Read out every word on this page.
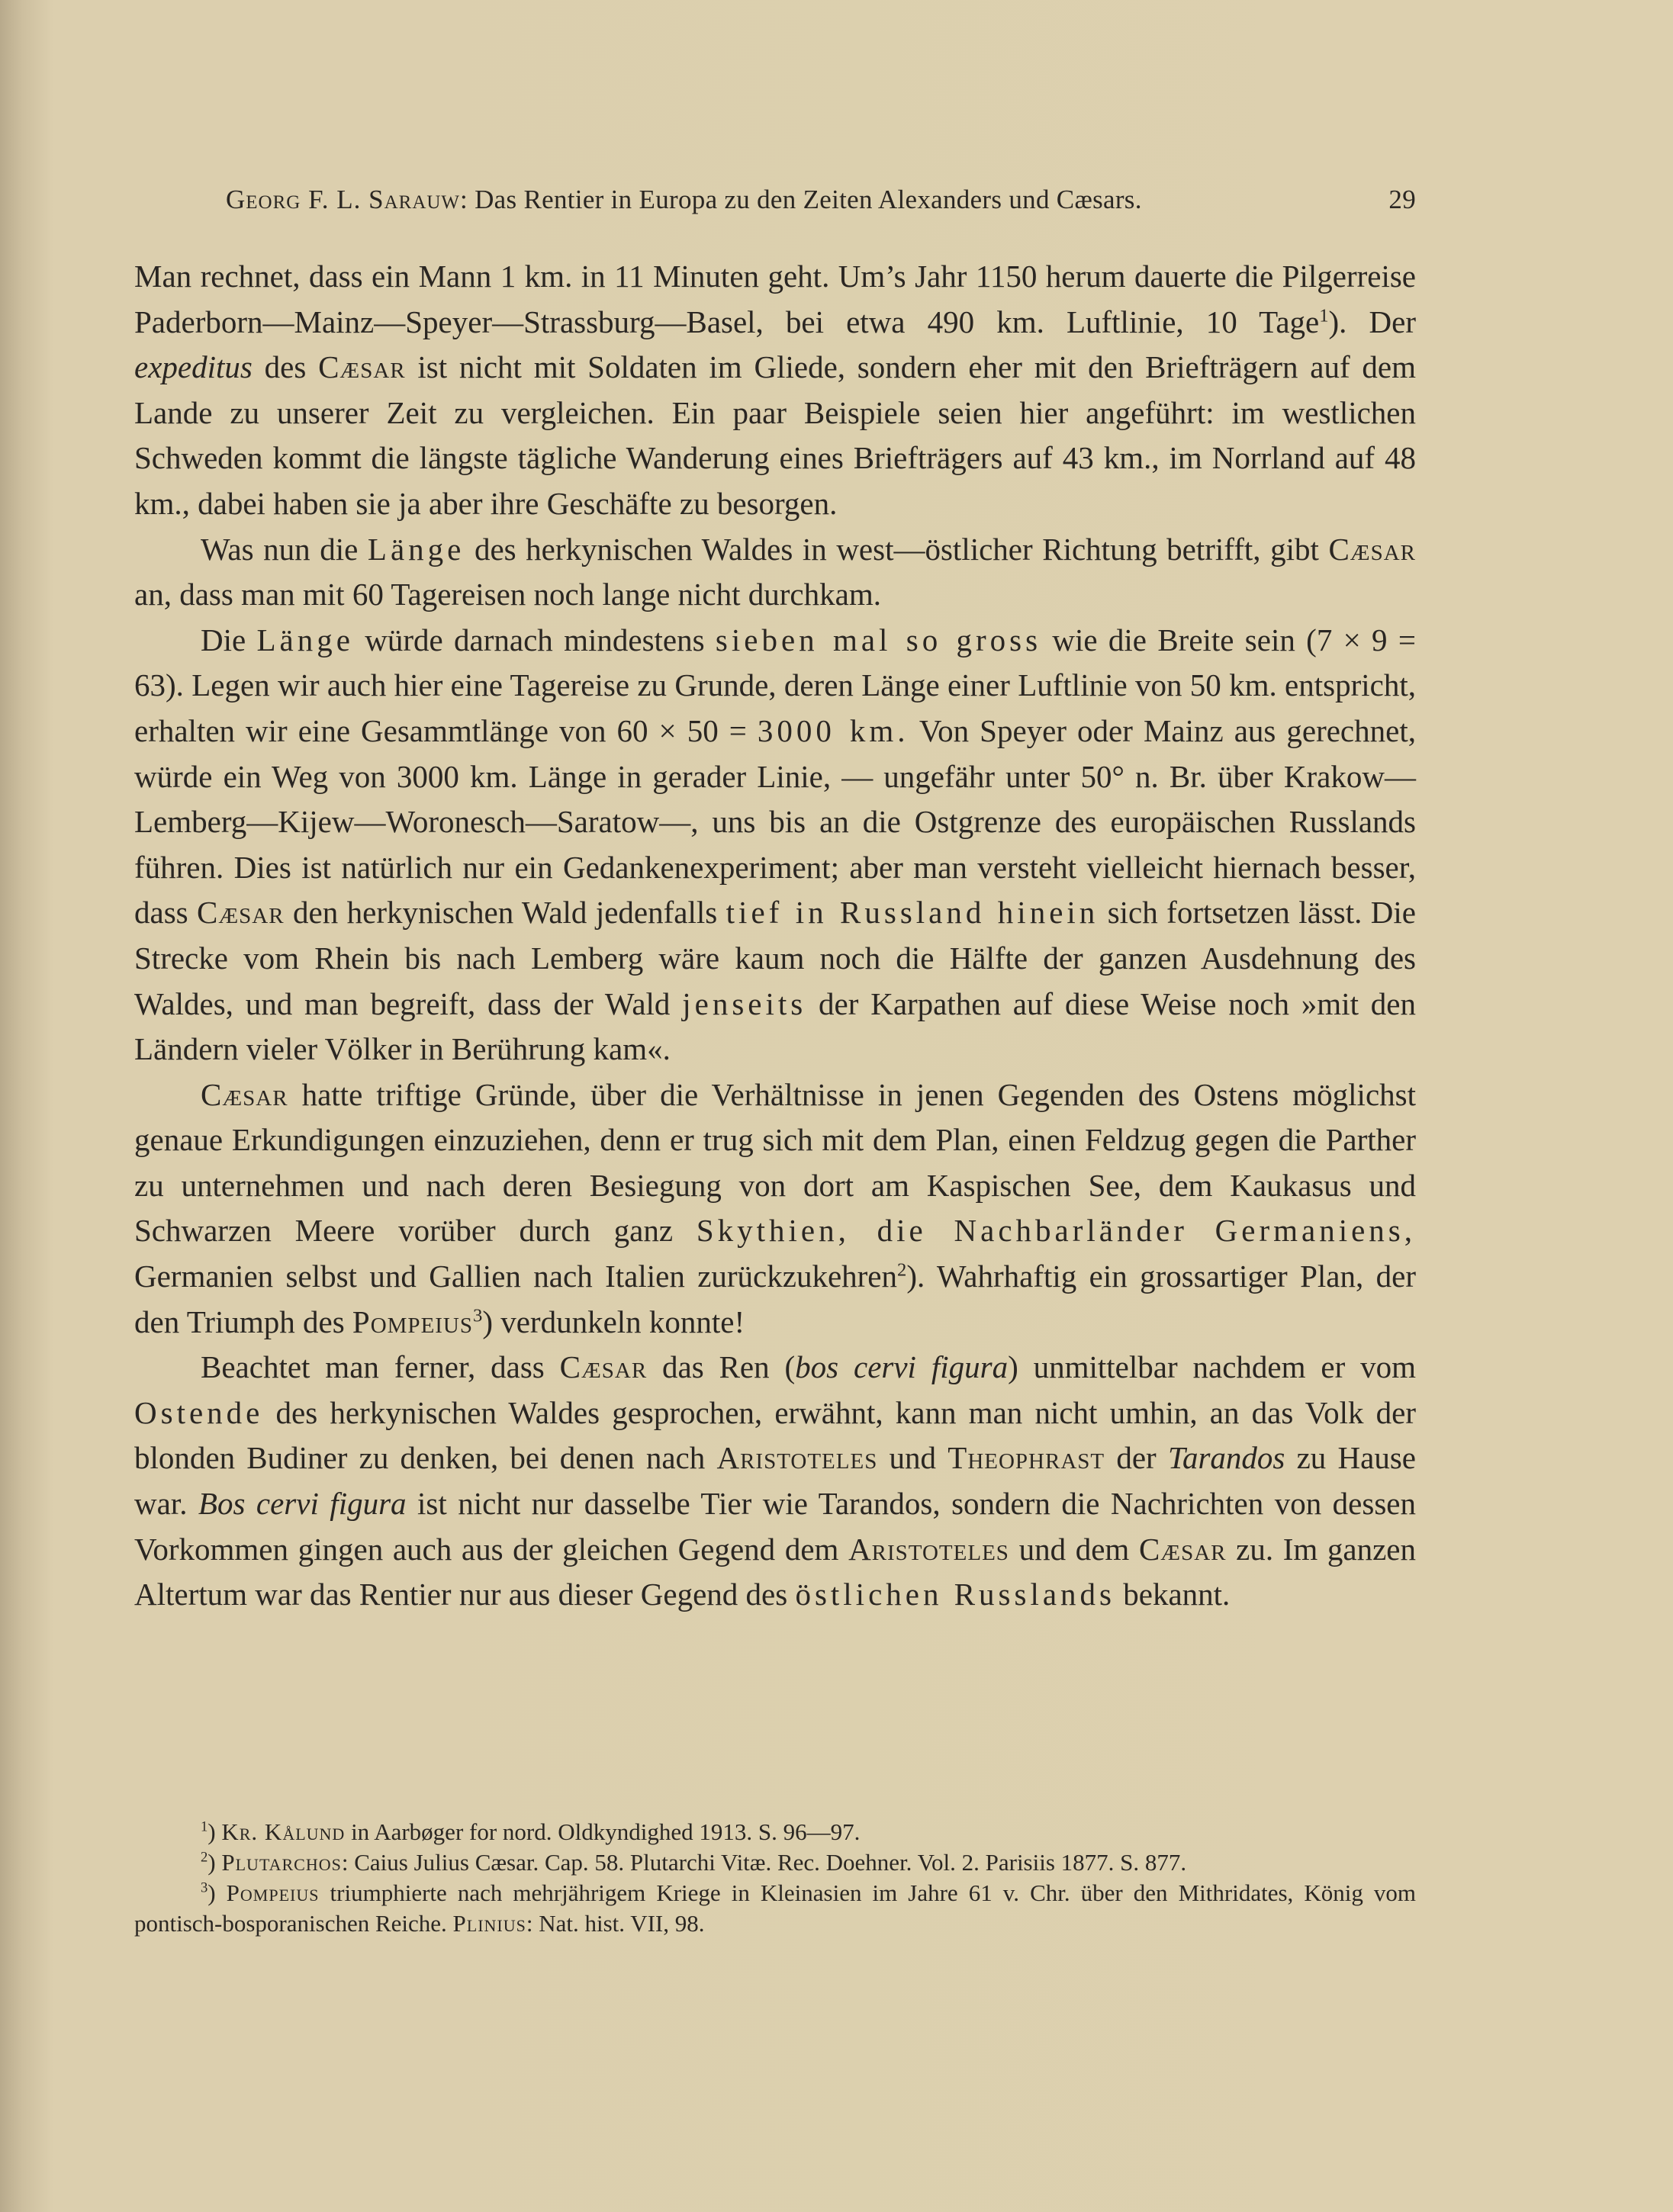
Georg F. L. Sarauw: Das Rentier in Europa zu den Zeiten Alexanders und Cæsars.	29

Man rechnet, dass ein Mann 1 km. in 11 Minuten geht. Um’s Jahr 1150 herum dauerte die Pilgerreise Paderborn—Mainz—Speyer—Strassburg—Basel, bei etwa 490 km. Luftlinie, 10 Tage$^1$). Der expeditus des Cæsar ist nicht mit Soldaten im Gliede, sondern eher mit den Briefträgern auf dem Lande zu unserer Zeit zu vergleichen. Ein paar Beispiele seien hier angeführt: im westlichen Schweden kommt die längste tägliche Wanderung eines Briefträgers auf 43 km., im Norrland auf 48 km., dabei haben sie ja aber ihre Geschäfte zu besorgen.

Was nun die Länge des herkynischen Waldes in west—östlicher Richtung betrifft, gibt Cæsar an, dass man mit 60 Tagereisen noch lange nicht durchkam.

Die Länge würde darnach mindestens sieben mal so gross wie die Breite sein (7 × 9 = 63). Legen wir auch hier eine Tagereise zu Grunde, deren Länge einer Luftlinie von 50 km. entspricht, erhalten wir eine Gesammtlänge von 60 × 50 = 3000 km. Von Speyer oder Mainz aus gerechnet, würde ein Weg von 3000 km. Länge in gerader Linie, — ungefähr unter 50° n. Br. über Krakow—Lemberg—Kijew—Woronesch—Saratow—, uns bis an die Ostgrenze des europäischen Russlands führen. Dies ist natürlich nur ein Gedankenexperiment; aber man versteht vielleicht hiernach besser, dass Cæsar den herkynischen Wald jedenfalls tief in Russland hinein sich fortsetzen lässt. Die Strecke vom Rhein bis nach Lemberg wäre kaum noch die Hälfte der ganzen Ausdehnung des Waldes, und man begreift, dass der Wald jenseits der Karpathen auf diese Weise noch »mit den Ländern vieler Völker in Berührung kam«.

Cæsar hatte triftige Gründe, über die Verhältnisse in jenen Gegenden des Ostens möglichst genaue Erkundigungen einzuziehen, denn er trug sich mit dem Plan, einen Feldzug gegen die Parther zu unternehmen und nach deren Besiegung von dort am Kaspischen See, dem Kaukasus und Schwarzen Meere vorüber durch ganz Skythien, die Nachbarländer Germaniens, Germanien selbst und Gallien nach Italien zurückzukehren$^2$). Wahrhaftig ein grossartiger Plan, der den Triumph des Pompeius$^3$) verdunkeln konnte!

Beachtet man ferner, dass Cæsar das Ren (bos cervi figura) unmittelbar nachdem er vom Ostende des herkynischen Waldes gesprochen, erwähnt, kann man nicht umhin, an das Volk der blonden Budiner zu denken, bei denen nach Aristoteles und Theophrast der Tarandos zu Hause war. Bos cervi figura ist nicht nur dasselbe Tier wie Tarandos, sondern die Nachrichten von dessen Vorkommen gingen auch aus der gleichen Gegend dem Aristoteles und dem Cæsar zu. Im ganzen Altertum war das Rentier nur aus dieser Gegend des östlichen Russlands bekannt.

$^1$) Kr. Kålund in Aarbøger for nord. Oldkyndighed 1913. S. 96—97.

$^2$) Plutarchos: Caius Julius Cæsar. Cap. 58. Plutarchi Vitæ. Rec. Doehner. Vol. 2. Parisiis 1877. S. 877.

$^3$) Pompeius triumphierte nach mehrjährigem Kriege in Kleinasien im Jahre 61 v. Chr. über den Mithridates, König vom pontisch-bosporanischen Reiche. Plinius: Nat. hist. VII, 98.
